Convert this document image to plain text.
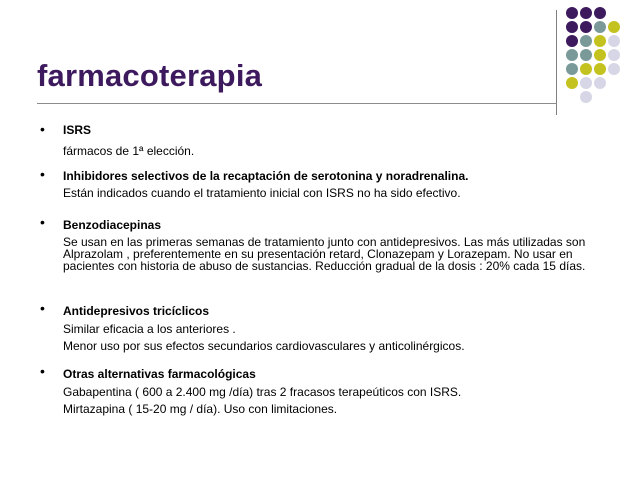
farmacoterapia
• ISRS
fármacos de 1ª elección.
• Inhibidores selectivos de la recaptación de serotonina y noradrenalina.
Están indicados cuando el tratamiento inicial con ISRS no ha sido efectivo.
• Benzodiacepinas
Se usan en las primeras semanas de tratamiento junto con antidepresivos. Las más utilizadas son Alprazolam , preferentemente en su presentación retard, Clonazepam y Lorazepam. No usar en pacientes con historia de abuso de sustancias. Reducción gradual de la dosis : 20% cada 15 días.
• Antidepresivos tricíclicos
Similar eficacia a los anteriores .
Menor uso por sus efectos secundarios cardiovasculares y anticolinérgicos.
• Otras alternativas farmacológicas
Gabapentina ( 600 a 2.400 mg /día) tras 2 fracasos terapeúticos con ISRS.
Mirtazapina ( 15-20 mg / día). Uso con limitaciones.
